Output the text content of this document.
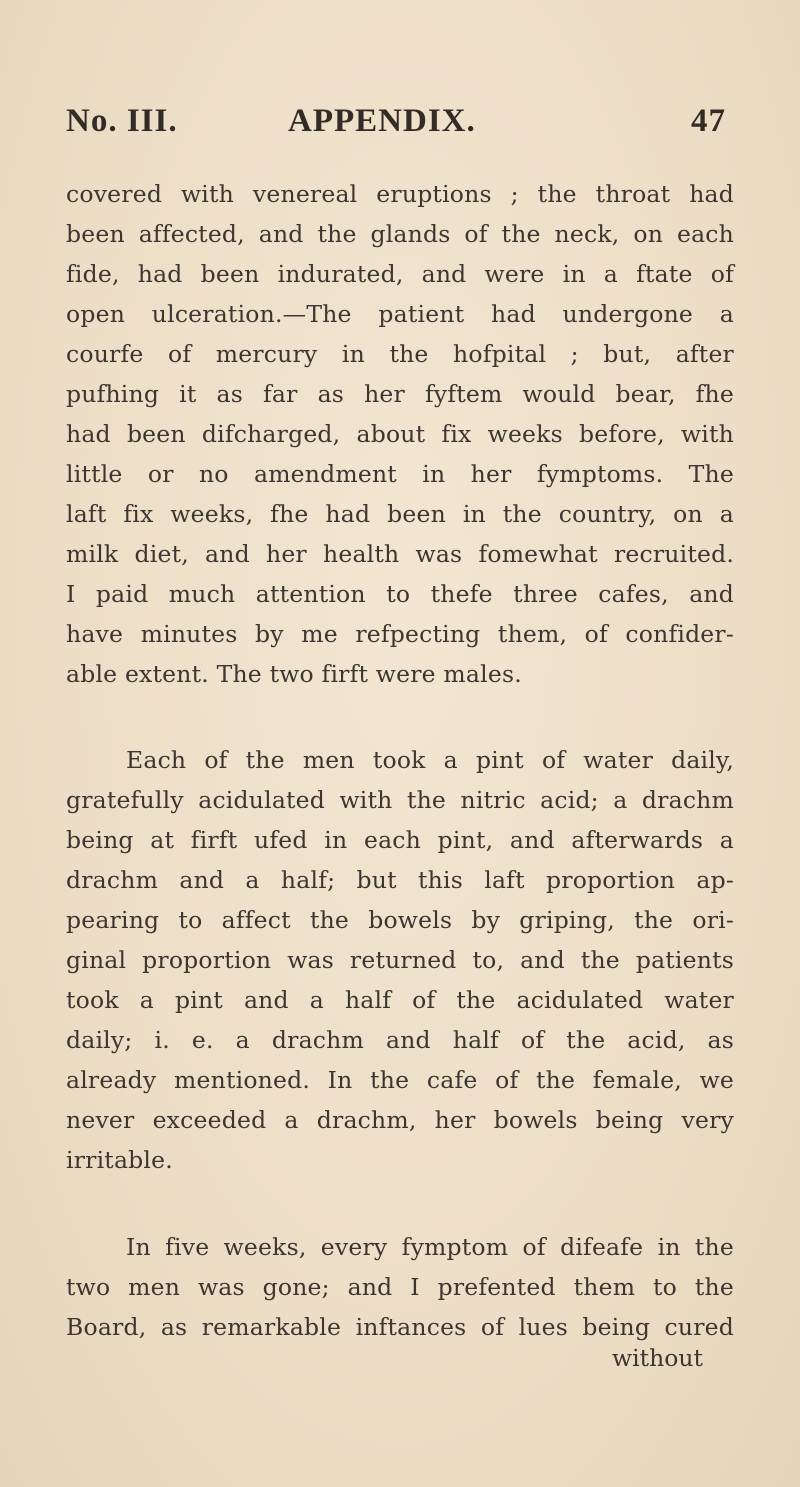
No. III.	APPENDIX.	47
covered with venereal eruptions ; the throat had
been affected, and the glands of the neck, on each
fide, had been indurated, and were in a ftate of
open ulceration.—The patient had undergone a
courfe of mercury in the hofpital ; but, after
pufhing it as far as her fyftem would bear, fhe
had been difcharged, about fix weeks before, with
little or no amendment in her fymptoms. The
laft fix weeks, fhe had been in the country, on a
milk diet, and her health was fomewhat recruited.
I paid much attention to thefe three cafes, and
have minutes by me refpecting them, of confider-
able extent. The two firft were males.
Each of the men took a pint of water daily,
gratefully acidulated with the nitric acid; a drachm
being at firft ufed in each pint, and afterwards a
drachm and a half; but this laft proportion ap-
pearing to affect the bowels by griping, the ori-
ginal proportion was returned to, and the patients
took a pint and a half of the acidulated water
daily; i. e. a drachm and half of the acid, as
already mentioned. In the cafe of the female, we
never exceeded a drachm, her bowels being very
irritable.
In five weeks, every fymptom of difeafe in the
two men was gone; and I prefented them to the
Board, as remarkable inftances of lues being cured
without
